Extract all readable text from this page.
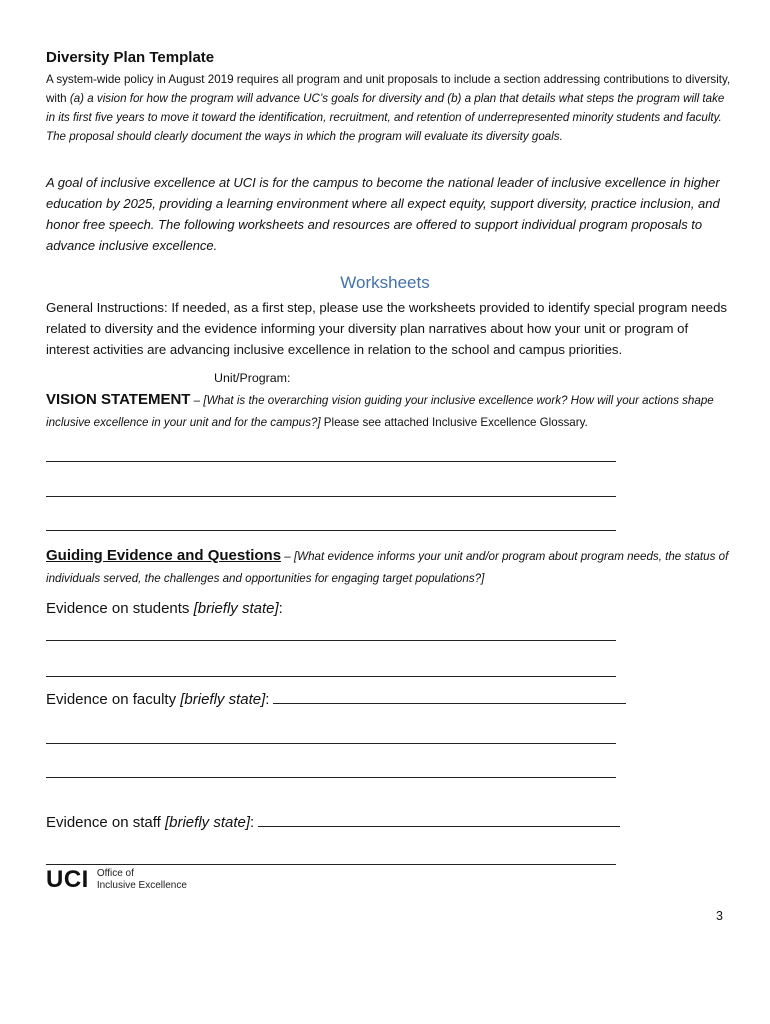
Diversity Plan Template
A system-wide policy in August 2019 requires all program and unit proposals to include a section addressing contributions to diversity, with (a) a vision for how the program will advance UC’s goals for diversity and (b) a plan that details what steps the program will take in its first five years to move it toward the identification, recruitment, and retention of underrepresented minority students and faculty. The proposal should clearly document the ways in which the program will evaluate its diversity goals.
A goal of inclusive excellence at UCI is for the campus to become the national leader of inclusive excellence in higher education by 2025, providing a learning environment where all expect equity, support diversity, practice inclusion, and honor free speech. The following worksheets and resources are offered to support individual program proposals to advance inclusive excellence.
Worksheets
General Instructions: If needed, as a first step, please use the worksheets provided to identify special program needs related to diversity and the evidence informing your diversity plan narratives about how your unit or program of interest activities are advancing inclusive excellence in relation to the school and campus priorities.
Unit/Program:
VISION STATEMENT – [What is the overarching vision guiding your inclusive excellence work? How will your actions shape inclusive excellence in your unit and for the campus?] Please see attached Inclusive Excellence Glossary.
Guiding Evidence and Questions – [What evidence informs your unit and/or program about program needs, the status of individuals served, the challenges and opportunities for engaging target populations?]
Evidence on students [briefly state]:
Evidence on faculty [briefly state]:
Evidence on staff [briefly state]:
UCI Office of
Inclusive Excellence
3
